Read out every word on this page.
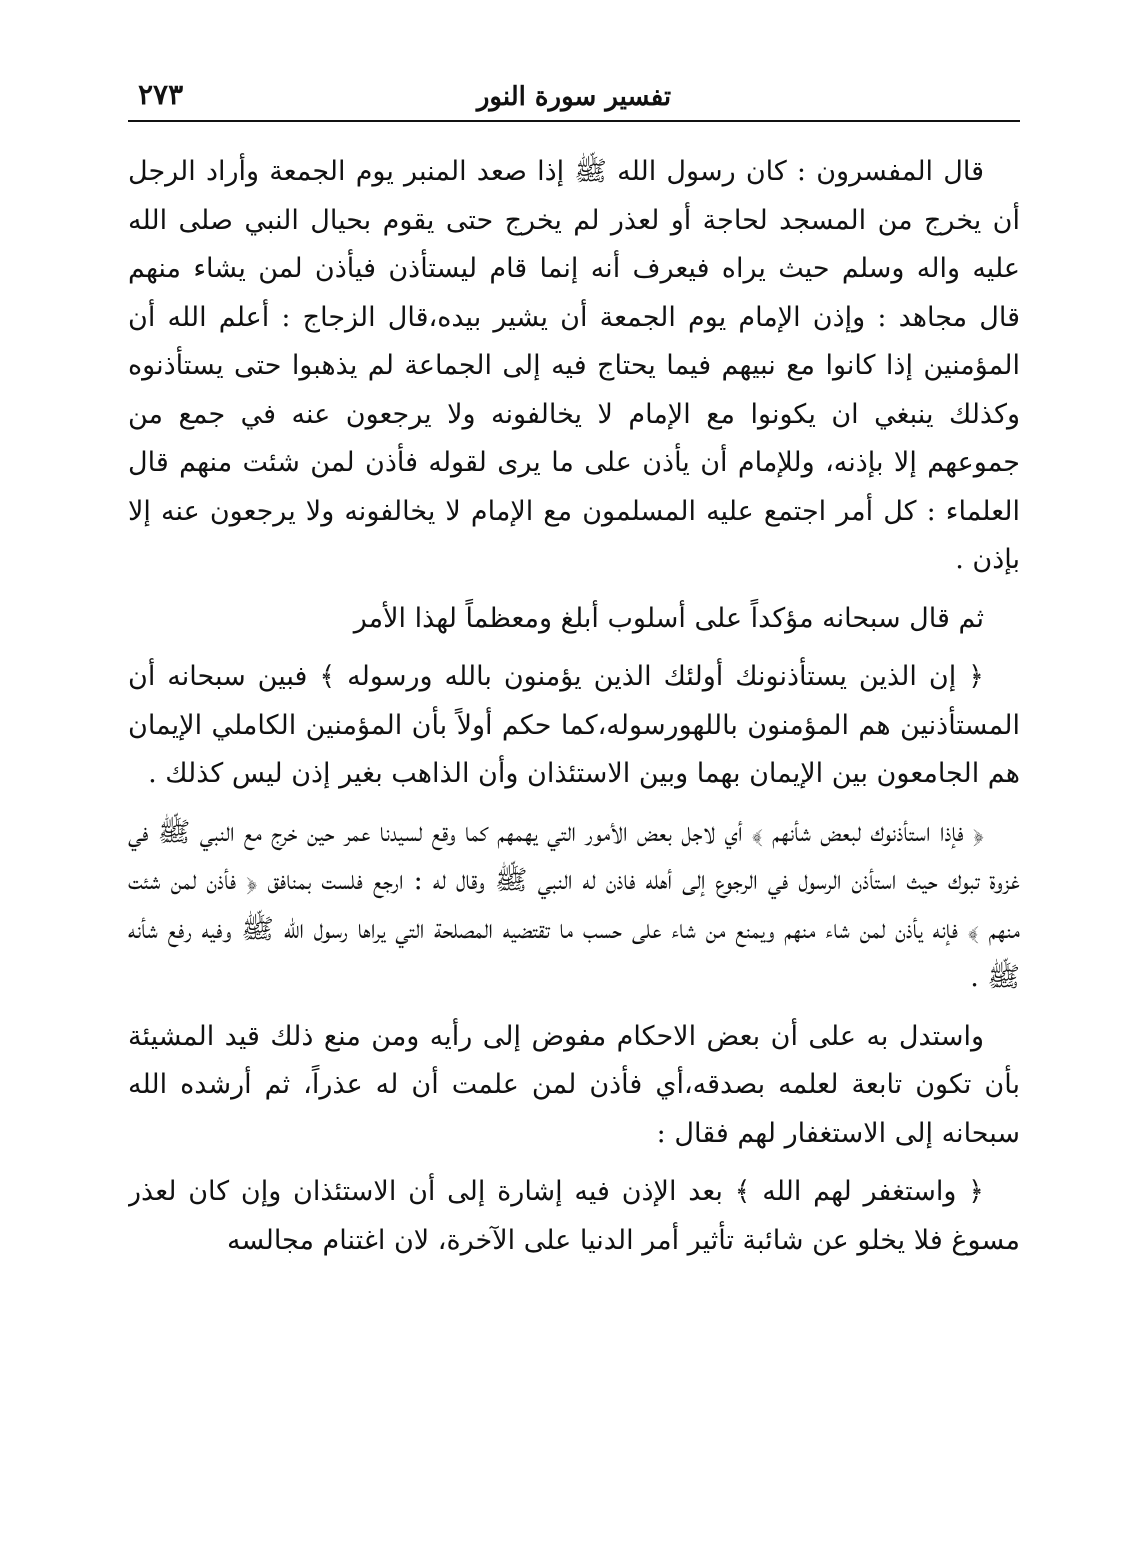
تفسير سورة النور
٢٧٣

قال المفسرون : كان رسول الله ﷺ إذا صعد المنبر يوم الجمعة وأراد الرجل أن يخرج من المسجد لحاجة أو لعذر لم يخرج حتى يقوم بحيال النبي صلى الله عليه واله وسلم حيث يراه فيعرف أنه إنما قام ليستأذن فيأذن لمن يشاء منهم قال مجاهد : وإذن الإمام يوم الجمعة أن يشير بيده،قال الزجاج : أعلم الله أن المؤمنين إذا كانوا مع نبيهم فيما يحتاج فيه إلى الجماعة لم يذهبوا حتى يستأذنوه وكذلك ينبغي ان يكونوا مع الإمام لا يخالفونه ولا يرجعون عنه في جمع من جموعهم إلا بإذنه، وللإمام أن يأذن على ما يرى لقوله فأذن لمن شئت منهم قال العلماء : كل أمر اجتمع عليه المسلمون مع الإمام لا يخالفونه ولا يرجعون عنه إلا بإذن .

ثم قال سبحانه مؤكداً على أسلوب أبلغ ومعظماً لهذا الأمر

﴿ إن الذين يستأذنونك أولئك الذين يؤمنون بالله ورسوله ﴾ فبين سبحانه أن المستأذنين هم المؤمنون باللهورسوله،كما حكم أولاً بأن المؤمنين الكاملي الإيمان هم الجامعون بين الإيمان بهما وبين الاستئذان وأن الذاهب بغير إذن ليس كذلك .

﴿ فإذا استأذنوك لبعض شأنهم ﴾ أي لاجل بعض الأمور التي يهمهم كما وقع لسيدنا عمر حين خرج مع النبي ﷺ في غزوة تبوك حيث استأذن الرسول في الرجوع إلى أهله فاذن له النبي ﷺ وقال له : ارجع فلست بمنافق ﴿ فأذن لمن شئت منهم ﴾ فإنه يأذن لمن شاء منهم ويمنع من شاء على حسب ما تقتضيه المصلحة التي يراها رسول الله ﷺ وفيه رفع شأنه ﷺ .

واستدل به على أن بعض الاحكام مفوض إلى رأيه ومن منع ذلك قيد المشيئة بأن تكون تابعة لعلمه بصدقه،أي فأذن لمن علمت أن له عذراً، ثم أرشده الله سبحانه إلى الاستغفار لهم فقال :

﴿ واستغفر لهم الله ﴾ بعد الإذن فيه إشارة إلى أن الاستئذان وإن كان لعذر مسوغ فلا يخلو عن شائبة تأثير أمر الدنيا على الآخرة، لان اغتنام مجالسه
